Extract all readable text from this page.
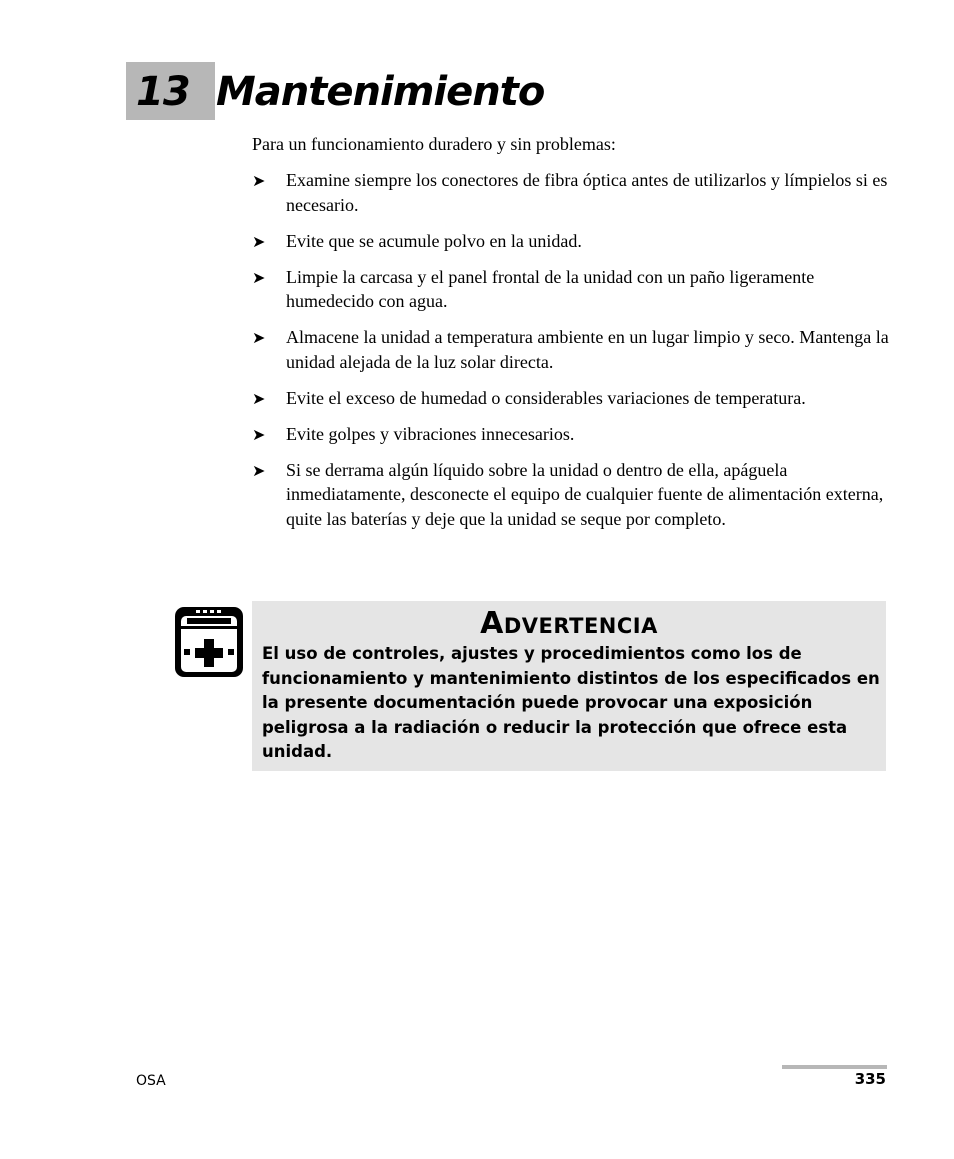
13 Mantenimiento

Para un funcionamiento duradero y sin problemas:

➤ Examine siempre los conectores de fibra óptica antes de utilizarlos y límpielos si es necesario.
➤ Evite que se acumule polvo en la unidad.
➤ Limpie la carcasa y el panel frontal de la unidad con un paño ligeramente humedecido con agua.
➤ Almacene la unidad a temperatura ambiente en un lugar limpio y seco. Mantenga la unidad alejada de la luz solar directa.
➤ Evite el exceso de humedad o considerables variaciones de temperatura.
➤ Evite golpes y vibraciones innecesarios.
➤ Si se derrama algún líquido sobre la unidad o dentro de ella, apáguela inmediatamente, desconecte el equipo de cualquier fuente de alimentación externa, quite las baterías y deje que la unidad se seque por completo.
Advertencia
El uso de controles, ajustes y procedimientos como los de funcionamiento y mantenimiento distintos de los especificados en la presente documentación puede provocar una exposición peligrosa a la radiación o reducir la protección que ofrece esta unidad.
OSA	335
